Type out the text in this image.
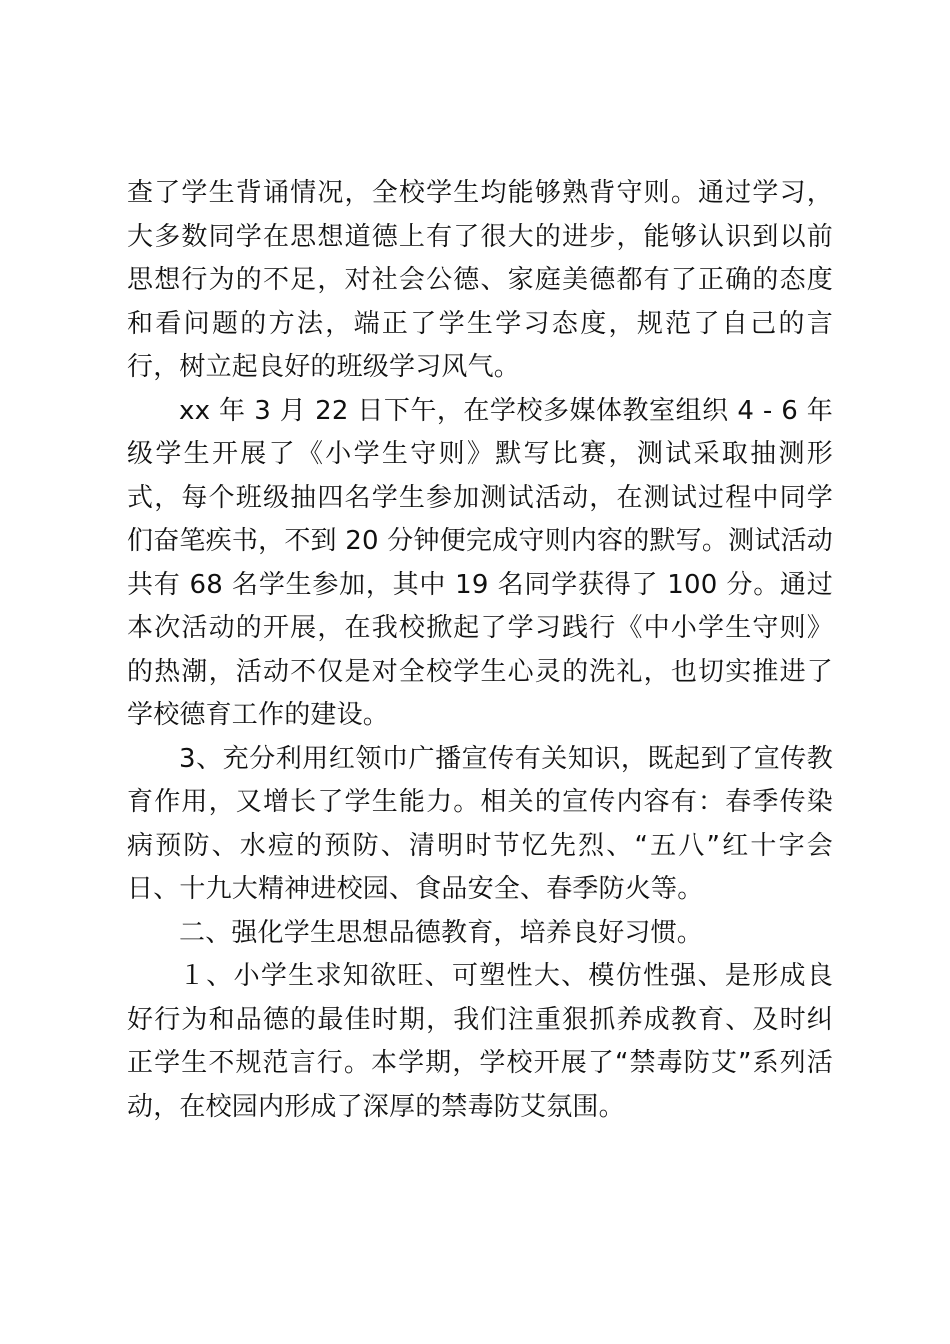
查了学生背诵情况，全校学生均能够熟背守则。通过学习，大多数同学在思想道德上有了很大的进步，能够认识到以前思想行为的不足，对社会公德、家庭美德都有了正确的态度和看问题的方法，端正了学生学习态度，规范了自己的言行，树立起良好的班级学习风气。

xx 年 3 月 22 日下午，在学校多媒体教室组织 4 - 6 年级学生开展了《小学生守则》默写比赛，测试采取抽测形式，每个班级抽四名学生参加测试活动，在测试过程中同学们奋笔疾书，不到 20 分钟便完成守则内容的默写。测试活动共有 68 名学生参加，其中 19 名同学获得了 100 分。通过本次活动的开展，在我校掀起了学习践行《中小学生守则》的热潮，活动不仅是对全校学生心灵的洗礼，也切实推进了学校德育工作的建设。

3、充分利用红领巾广播宣传有关知识，既起到了宣传教育作用，又增长了学生能力。相关的宣传内容有：春季传染病预防、水痘的预防、清明时节忆先烈、“五八”红十字会日、十九大精神进校园、食品安全、春季防火等。

二、强化学生思想品德教育，培养良好习惯。

１、小学生求知欲旺、可塑性大、模仿性强、是形成良好行为和品德的最佳时期，我们注重狠抓养成教育、及时纠正学生不规范言行。本学期，学校开展了“禁毒防艾”系列活动，在校园内形成了深厚的禁毒防艾氛围。
